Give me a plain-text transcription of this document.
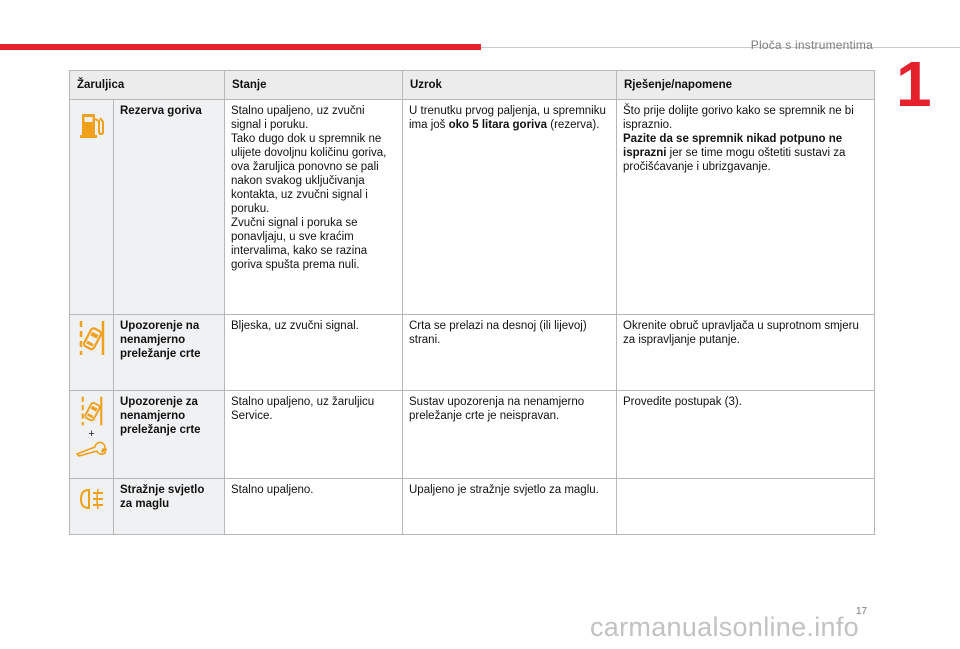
Ploča s instrumentima
1
Žaruljica		Stanje	Uzrok	Rješenje/napomene

	Rezerva goriva	Stalno upaljeno, uz zvučni signal i poruku.
Tako dugo dok u spremnik ne ulijete dovoljnu količinu goriva, ova žaruljica ponovno se pali nakon svakog uključivanja kontakta, uz zvučni signal i poruku.
Zvučni signal i poruka se ponavljaju, u sve kraćim intervalima, kako se razina goriva spušta prema nuli.	U trenutku prvog paljenja, u spremniku ima još oko 5 litara goriva (rezerva).	Što prije dolijte gorivo kako se spremnik ne bi ispraznio.
Pazite da se spremnik nikad potpuno ne isprazni jer se time mogu oštetiti sustavi za pročišćavanje i ubrizgavanje.

	Upozorenje na nenamjerno preležanje crte	Bljeska, uz zvučni signal.	Crta se prelazi na desnoj (ili lijevoj) strani.	Okrenite obruč upravljača u suprotnom smjeru za ispravljanje putanje.

+	Upozorenje za nenamjerno preležanje crte	Stalno upaljeno, uz žaruljicu Service.	Sustav upozorenja na nenamjerno preležanje crte je neispravan.	Provedite postupak (3).

	Stražnje svjetlo za maglu	Stalno upaljeno.	Upaljeno je stražnje svjetlo za maglu.	
17
carmanualsonline.info
